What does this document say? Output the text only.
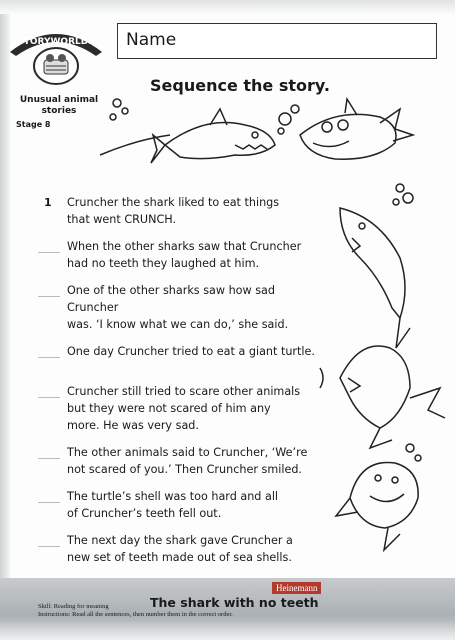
STORYWORLDS
Unusual animal stories
Stage 8
Name
Sequence the story.
1	Cruncher the shark liked to eat things
that went CRUNCH.
When the other sharks saw that Cruncher
had no teeth they laughed at him.
One of the other sharks saw how sad Cruncher
was. ‘I know what we can do,’ she said.
One day Cruncher tried to eat a giant turtle.
Cruncher still tried to scare other animals
but they were not scared of him any
more. He was very sad.
The other animals said to Cruncher, ‘We’re
not scared of you.’ Then Cruncher smiled.
The turtle’s shell was too hard and all
of Cruncher’s teeth fell out.
The next day the shark gave Cruncher a
new set of teeth made out of sea shells.
Heinemann
The shark with no teeth
Skill: Reading for meaning
Instructions: Read all the sentences, then number them in the correct order.
